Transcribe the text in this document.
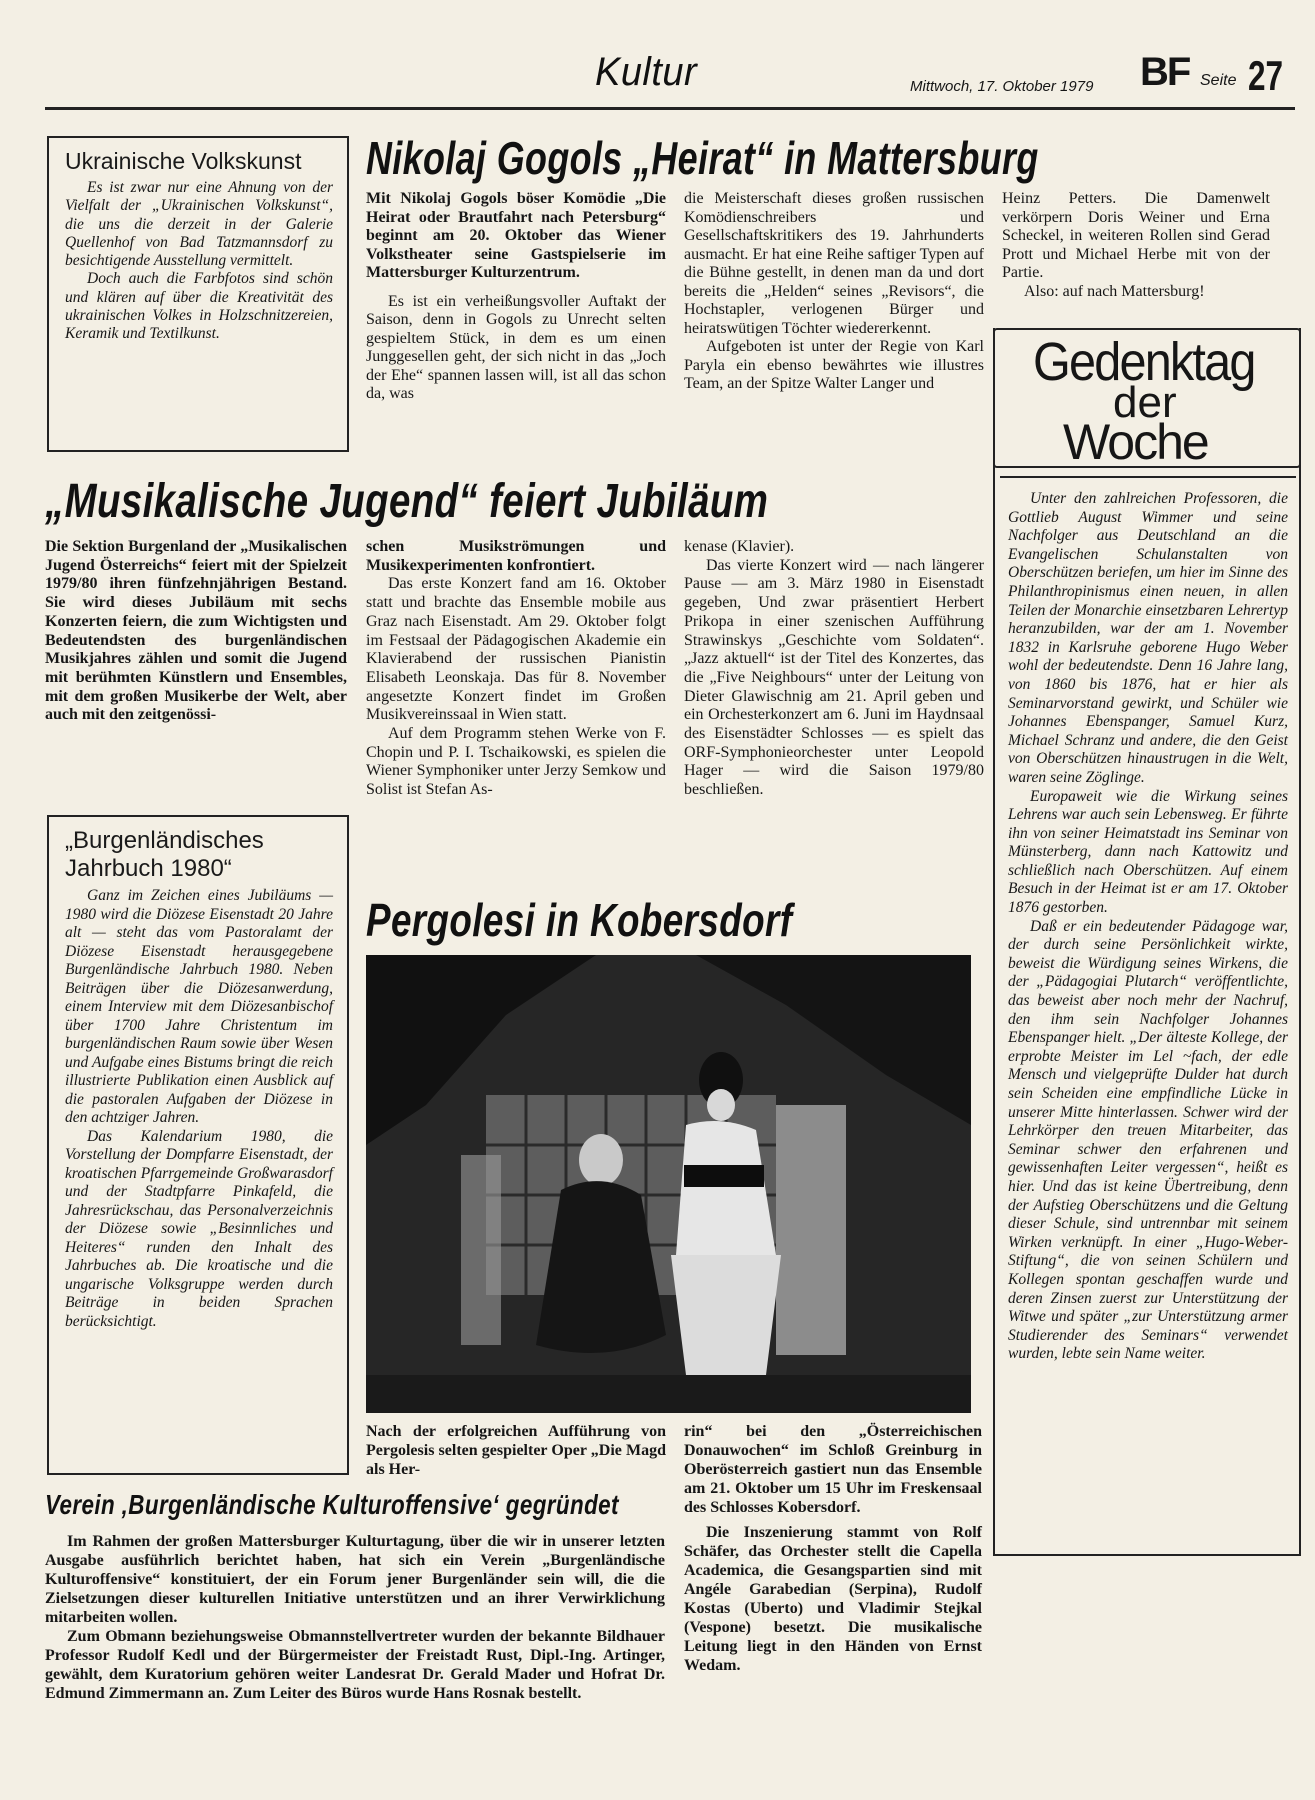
Kultur	Mittwoch, 17. Oktober 1979 BF Seite 27
Ukrainische Volkskunst

Es ist zwar nur eine Ahnung von der Vielfalt der „Ukrainischen Volkskunst“, die uns die derzeit in der Galerie Quellenhof von Bad Tatzmannsdorf zu besichtigende Ausstellung vermittelt.

Doch auch die Farbfotos sind schön und klären auf über die Kreativität des ukrainischen Volkes in Holzschnitzereien, Keramik und Textilkunst.

Nikolaj Gogols „Heirat“ in Mattersburg

Mit Nikolaj Gogols böser Komödie „Die Heirat oder Brautfahrt nach Petersburg“ beginnt am 20. Oktober das Wiener Volkstheater seine Gastspielserie im Mattersburger Kulturzentrum.

Es ist ein verheißungsvoller Auftakt der Saison, denn in Gogols zu Unrecht selten gespieltem Stück, in dem es um einen Junggesellen geht, der sich nicht in das „Joch der Ehe“ spannen lassen will, ist all das schon da, was

die Meisterschaft dieses großen russischen Komödienschreibers und Gesellschaftskritikers des 19. Jahrhunderts ausmacht. Er hat eine Reihe saftiger Typen auf die Bühne gestellt, in denen man da und dort bereits die „Helden“ seines „Revisors“, die Hochstapler, verlogenen Bürger und heiratswütigen Töchter wiedererkennt.

Aufgeboten ist unter der Regie von Karl Paryla ein ebenso bewährtes wie illustres Team, an der Spitze Walter Langer und

Heinz Petters. Die Damenwelt verkörpern Doris Weiner und Erna Scheckel, in weiteren Rollen sind Gerad Prott und Michael Herbe mit von der Partie.

Also: auf nach Mattersburg!

Gedenktag
der
Woche

Unter den zahlreichen Professoren, die Gottlieb August Wimmer und seine Nachfolger aus Deutschland an die Evangelischen Schulanstalten von Oberschützen beriefen, um hier im Sinne des Philanthropinismus einen neuen, in allen Teilen der Monarchie einsetzbaren Lehrertyp heranzubilden, war der am 1. November 1832 in Karlsruhe geborene Hugo Weber wohl der bedeutendste. Denn 16 Jahre lang, von 1860 bis 1876, hat er hier als Seminarvorstand gewirkt, und Schüler wie Johannes Ebenspanger, Samuel Kurz, Michael Schranz und andere, die den Geist von Oberschützen hinaustrugen in die Welt, waren seine Zöglinge.

Europaweit wie die Wirkung seines Lehrens war auch sein Lebensweg. Er führte ihn von seiner Heimatstadt ins Seminar von Münsterberg, dann nach Kattowitz und schließlich nach Oberschützen. Auf einem Besuch in der Heimat ist er am 17. Oktober 1876 gestorben.

Daß er ein bedeutender Pädagoge war, der durch seine Persönlichkeit wirkte, beweist die Würdigung seines Wirkens, die der „Pädagogiai Plutarch“ veröffentlichte, das beweist aber noch mehr der Nachruf, den ihm sein Nachfolger Johannes Ebenspanger hielt. „Der älteste Kollege, der erprobte Meister im Lel ~fach, der edle Mensch und vielgeprüfte Dulder hat durch sein Scheiden eine empfindliche Lücke in unserer Mitte hinterlassen. Schwer wird der Lehrkörper den treuen Mitarbeiter, das Seminar schwer den erfahrenen und gewissenhaften Leiter vergessen“, heißt es hier. Und das ist keine Übertreibung, denn der Aufstieg Oberschützens und die Geltung dieser Schule, sind untrennbar mit seinem Wirken verknüpft. In einer „Hugo-Weber-Stiftung“, die von seinen Schülern und Kollegen spontan geschaffen wurde und deren Zinsen zuerst zur Unterstützung der Witwe und später „zur Unterstützung armer Studierender des Seminars“ verwendet wurden, lebte sein Name weiter.

„Musikalische Jugend“ feiert Jubiläum

Die Sektion Burgenland der „Musikalischen Jugend Österreichs“ feiert mit der Spielzeit 1979/80 ihren fünfzehnjährigen Bestand. Sie wird dieses Jubiläum mit sechs Konzerten feiern, die zum Wichtigsten und Bedeutendsten des burgenländischen Musikjahres zählen und somit die Jugend mit berühmten Künstlern und Ensembles, mit dem großen Musikerbe der Welt, aber auch mit den zeitgenössi-

schen Musikströmungen und Musikexperimenten konfrontiert.

Das erste Konzert fand am 16. Oktober statt und brachte das Ensemble mobile aus Graz nach Eisenstadt. Am 29. Oktober folgt im Festsaal der Pädagogischen Akademie ein Klavierabend der russischen Pianistin Elisabeth Leonskaja. Das für 8. November angesetzte Konzert findet im Großen Musikvereinssaal in Wien statt.

Auf dem Programm stehen Werke von F. Chopin und P. I. Tschaikowski, es spielen die Wiener Symphoniker unter Jerzy Semkow und Solist ist Stefan As-

kenase (Klavier).

Das vierte Konzert wird — nach längerer Pause — am 3. März 1980 in Eisenstadt gegeben, Und zwar präsentiert Herbert Prikopa in einer szenischen Aufführung Strawinskys „Geschichte vom Soldaten“. „Jazz aktuell“ ist der Titel des Konzertes, das die „Five Neighbours“ unter der Leitung von Dieter Glawischnig am 21. April geben und ein Orchesterkonzert am 6. Juni im Haydnsaal des Eisenstädter Schlosses — es spielt das ORF-Symphonieorchester unter Leopold Hager — wird die Saison 1979/80 beschließen.

„Burgenländisches Jahrbuch 1980“

Ganz im Zeichen eines Jubiläums — 1980 wird die Diözese Eisenstadt 20 Jahre alt — steht das vom Pastoralamt der Diözese Eisenstadt herausgegebene Burgenländische Jahrbuch 1980. Neben Beiträgen über die Diözesanwerdung, einem Interview mit dem Diözesanbischof über 1700 Jahre Christentum im burgenländischen Raum sowie über Wesen und Aufgabe eines Bistums bringt die reich illustrierte Publikation einen Ausblick auf die pastoralen Aufgaben der Diözese in den achtziger Jahren.

Das Kalendarium 1980, die Vorstellung der Dompfarre Eisenstadt, der kroatischen Pfarrgemeinde Großwarasdorf und der Stadtpfarre Pinkafeld, die Jahresrückschau, das Personalverzeichnis der Diözese sowie „Besinnliches und Heiteres“ runden den Inhalt des Jahrbuches ab. Die kroatische und die ungarische Volksgruppe werden durch Beiträge in beiden Sprachen berücksichtigt.

Pergolesi in Kobersdorf

Nach der erfolgreichen Aufführung von Pergolesis selten gespielter Oper „Die Magd als Her-

rin“ bei den „Österreichischen Donauwochen“ im Schloß Greinburg in Oberösterreich gastiert nun das Ensemble am 21. Oktober um 15 Uhr im Freskensaal des Schlosses Kobersdorf.

Die Inszenierung stammt von Rolf Schäfer, das Orchester stellt die Capella Academica, die Gesangspartien sind mit Angéle Garabedian (Serpina), Rudolf Kostas (Uberto) und Vladimir Stejkal (Vespone) besetzt. Die musikalische Leitung liegt in den Händen von Ernst Wedam.

Verein ‚Burgenländische Kulturoffensive‘ gegründet

Im Rahmen der großen Mattersburger Kulturtagung, über die wir in unserer letzten Ausgabe ausführlich berichtet haben, hat sich ein Verein „Burgenländische Kulturoffensive“ konstituiert, der ein Forum jener Burgenländer sein will, die die Zielsetzungen dieser kulturellen Initiative unterstützen und an ihrer Verwirklichung mitarbeiten wollen.

Zum Obmann beziehungsweise Obmannstellvertreter wurden der bekannte Bildhauer Professor Rudolf Kedl und der Bürgermeister der Freistadt Rust, Dipl.-Ing. Artinger, gewählt, dem Kuratorium gehören weiter Landesrat Dr. Gerald Mader und Hofrat Dr. Edmund Zimmermann an. Zum Leiter des Büros wurde Hans Rosnak bestellt.
